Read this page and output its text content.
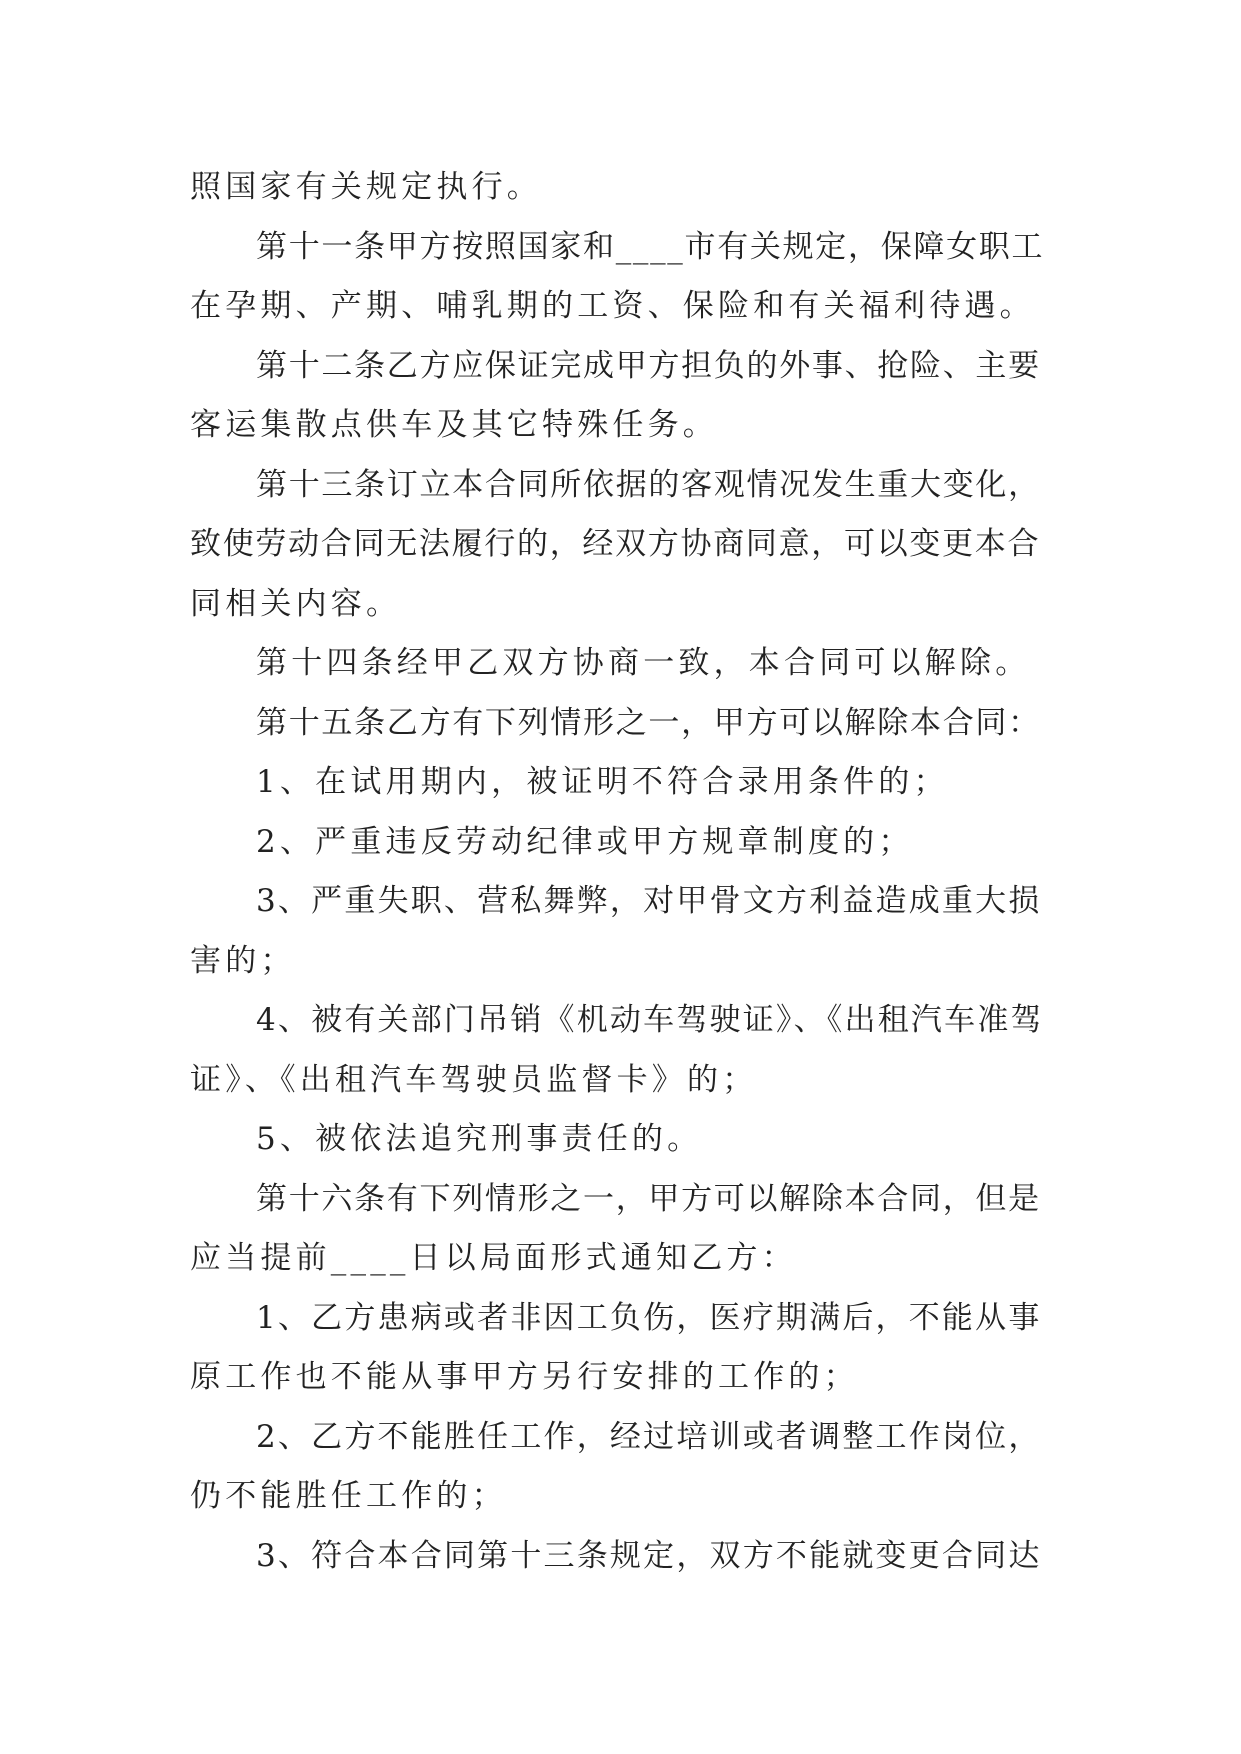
照国家有关规定执行。
第十一条甲方按照国家和____市有关规定，保障女职工
在孕期、产期、哺乳期的工资、保险和有关福利待遇。
第十二条乙方应保证完成甲方担负的外事、抢险、主要
客运集散点供车及其它特殊任务。
第十三条订立本合同所依据的客观情况发生重大变化，
致使劳动合同无法履行的，经双方协商同意，可以变更本合
同相关内容。
第十四条经甲乙双方协商一致，本合同可以解除。
第十五条乙方有下列情形之一，甲方可以解除本合同：
1、在试用期内，被证明不符合录用条件的；
2、严重违反劳动纪律或甲方规章制度的；
3、严重失职、营私舞弊，对甲骨文方利益造成重大损
害的；
4、被有关部门吊销《机动车驾驶证》、《出租汽车准驾
证》、《出租汽车驾驶员监督卡》的；
5、被依法追究刑事责任的。
第十六条有下列情形之一，甲方可以解除本合同，但是
应当提前____日以局面形式通知乙方：
1、乙方患病或者非因工负伤，医疗期满后，不能从事
原工作也不能从事甲方另行安排的工作的；
2、乙方不能胜任工作，经过培训或者调整工作岗位，
仍不能胜任工作的；
3、符合本合同第十三条规定，双方不能就变更合同达
